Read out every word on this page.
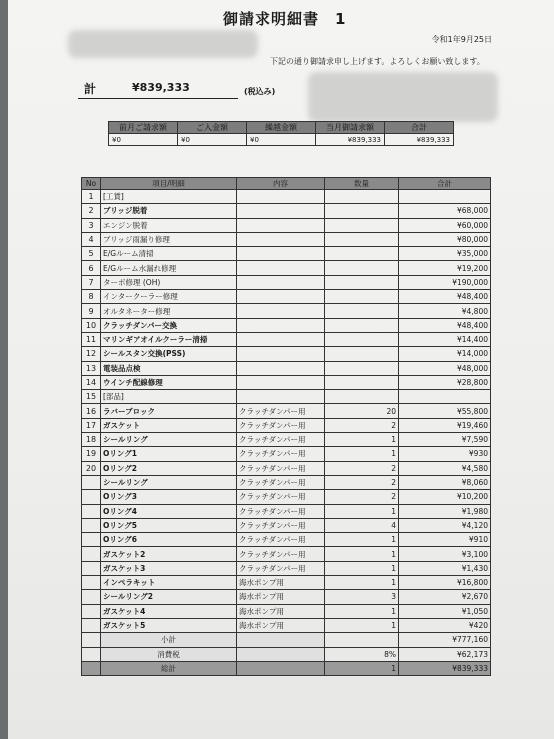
御請求明細書　1
令和1年9月25日
下記の通り御請求申し上げます。よろしくお願い致します。
計	¥839,333	(税込み)
前月ご請求額	ご入金額	繰越金額	当月御請求額	合計
¥0	¥0	¥0	¥839,333	¥839,333
No	項目/明細	内容	数量	合計
1	[工賃]			
2	ブリッジ脱着			¥68,000
3	エンジン脱着			¥60,000
4	ブリッジ雨漏り修理			¥80,000
5	E/Gルーム清掃			¥35,000
6	E/Gルーム水漏れ修理			¥19,200
7	ターボ修理 (OH)			¥190,000
8	インタークーラー修理			¥48,400
9	オルタネーター修理			¥4,800
10	クラッチダンパー交換			¥48,400
11	マリンギアオイルクーラー清掃			¥14,400
12	シールスタン交換(PSS)			¥14,000
13	電装品点検			¥48,000
14	ウインチ配線修理			¥28,800
15	[部品]			
16	ラバーブロック	クラッチダンパー用	20	¥55,800
17	ガスケット	クラッチダンパー用	2	¥19,460
18	シールリング	クラッチダンパー用	1	¥7,590
19	Oリング1	クラッチダンパー用	1	¥930
20	Oリング2	クラッチダンパー用	2	¥4,580
	シールリング	クラッチダンパー用	2	¥8,060
	Oリング3	クラッチダンパー用	2	¥10,200
	Oリング4	クラッチダンパー用	1	¥1,980
	Oリング5	クラッチダンパー用	4	¥4,120
	Oリング6	クラッチダンパー用	1	¥910
	ガスケット2	クラッチダンパー用	1	¥3,100
	ガスケット3	クラッチダンパー用	1	¥1,430
	インペラキット	海水ポンプ用	1	¥16,800
	シールリング2	海水ポンプ用	3	¥2,670
	ガスケット4	海水ポンプ用	1	¥1,050
	ガスケット5	海水ポンプ用	1	¥420
	小計			¥777,160
	消費税		8%	¥62,173
	総計		1	¥839,333
